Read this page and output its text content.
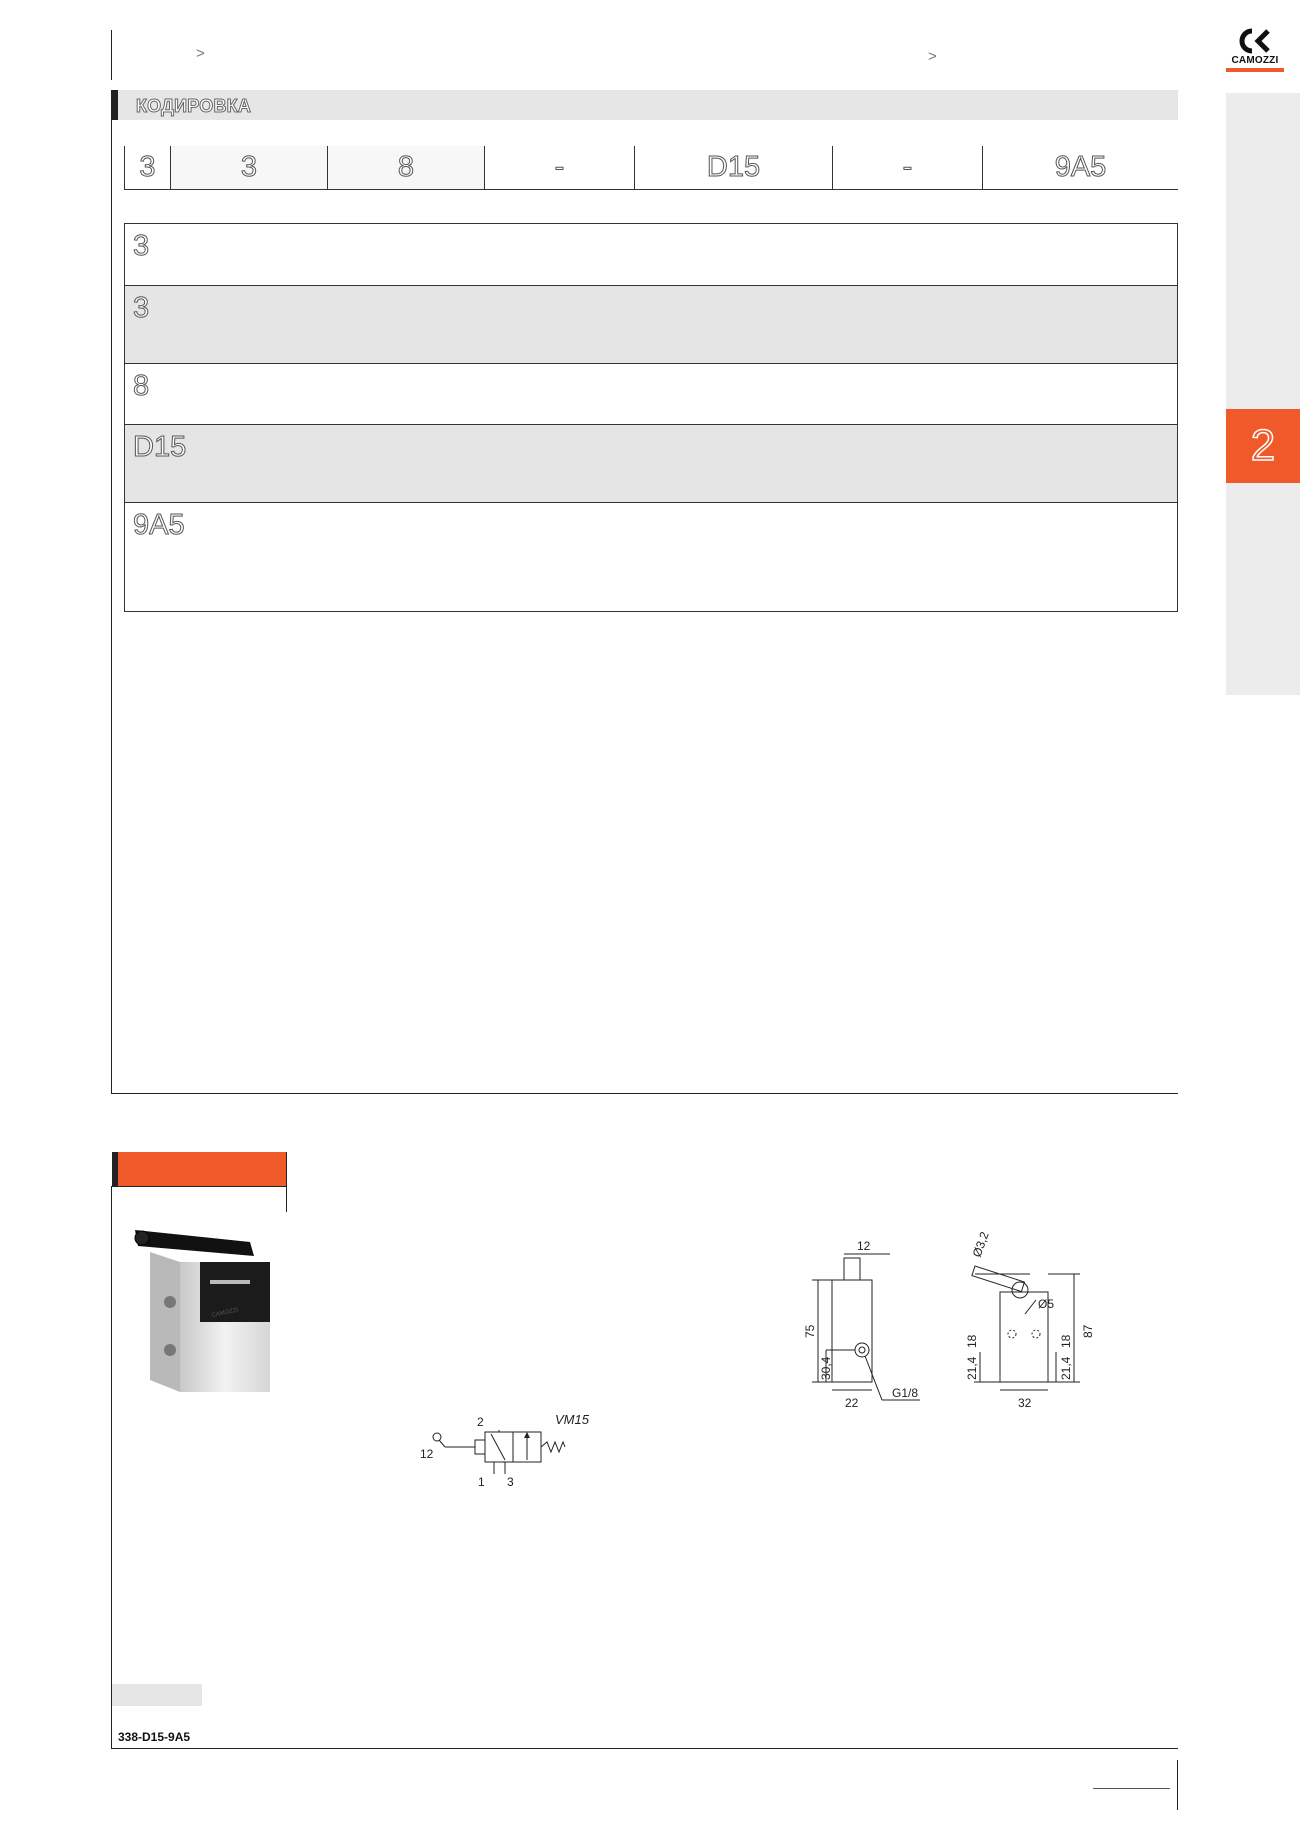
>	>	CAMOZZI
2
КОДИРОВКА
3	3	8	-	D15	-	9A5
3
3
8
D15
9A5
CAMOZZI
VM15
2
12
1 3
12
75
30,4
22
G1/8
Ø3,2
Ø5
87
21,4
18
21,4
18
32
338-D15-9A5
